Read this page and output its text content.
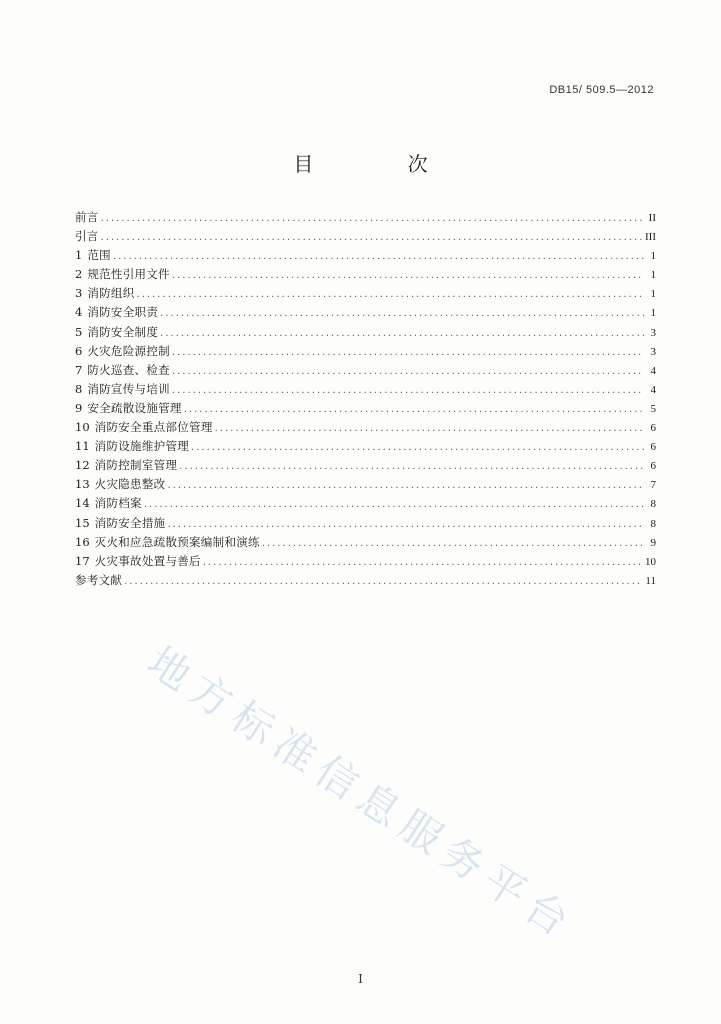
DB15/ 509.5—2012
目 次
前言 .....	II
引言 .....	III
1 范围 .....	1
2 规范性引用文件 .....	1
3 消防组织 .....	1
4 消防安全职责 .....	1
5 消防安全制度 .....	3
6 火灾危险源控制 .....	3
7 防火巡查、检查 .....	4
8 消防宣传与培训 .....	4
9 安全疏散设施管理 .....	5
10 消防安全重点部位管理 .....	6
11 消防设施维护管理 .....	6
12 消防控制室管理 .....	6
13 火灾隐患整改 .....	7
14 消防档案 .....	8
15 消防安全措施 .....	8
16 灭火和应急疏散预案编制和演练 .....	9
17 火灾事故处置与善后 .....	10
参考文献 .....	11
地方标准信息服务平台
I
